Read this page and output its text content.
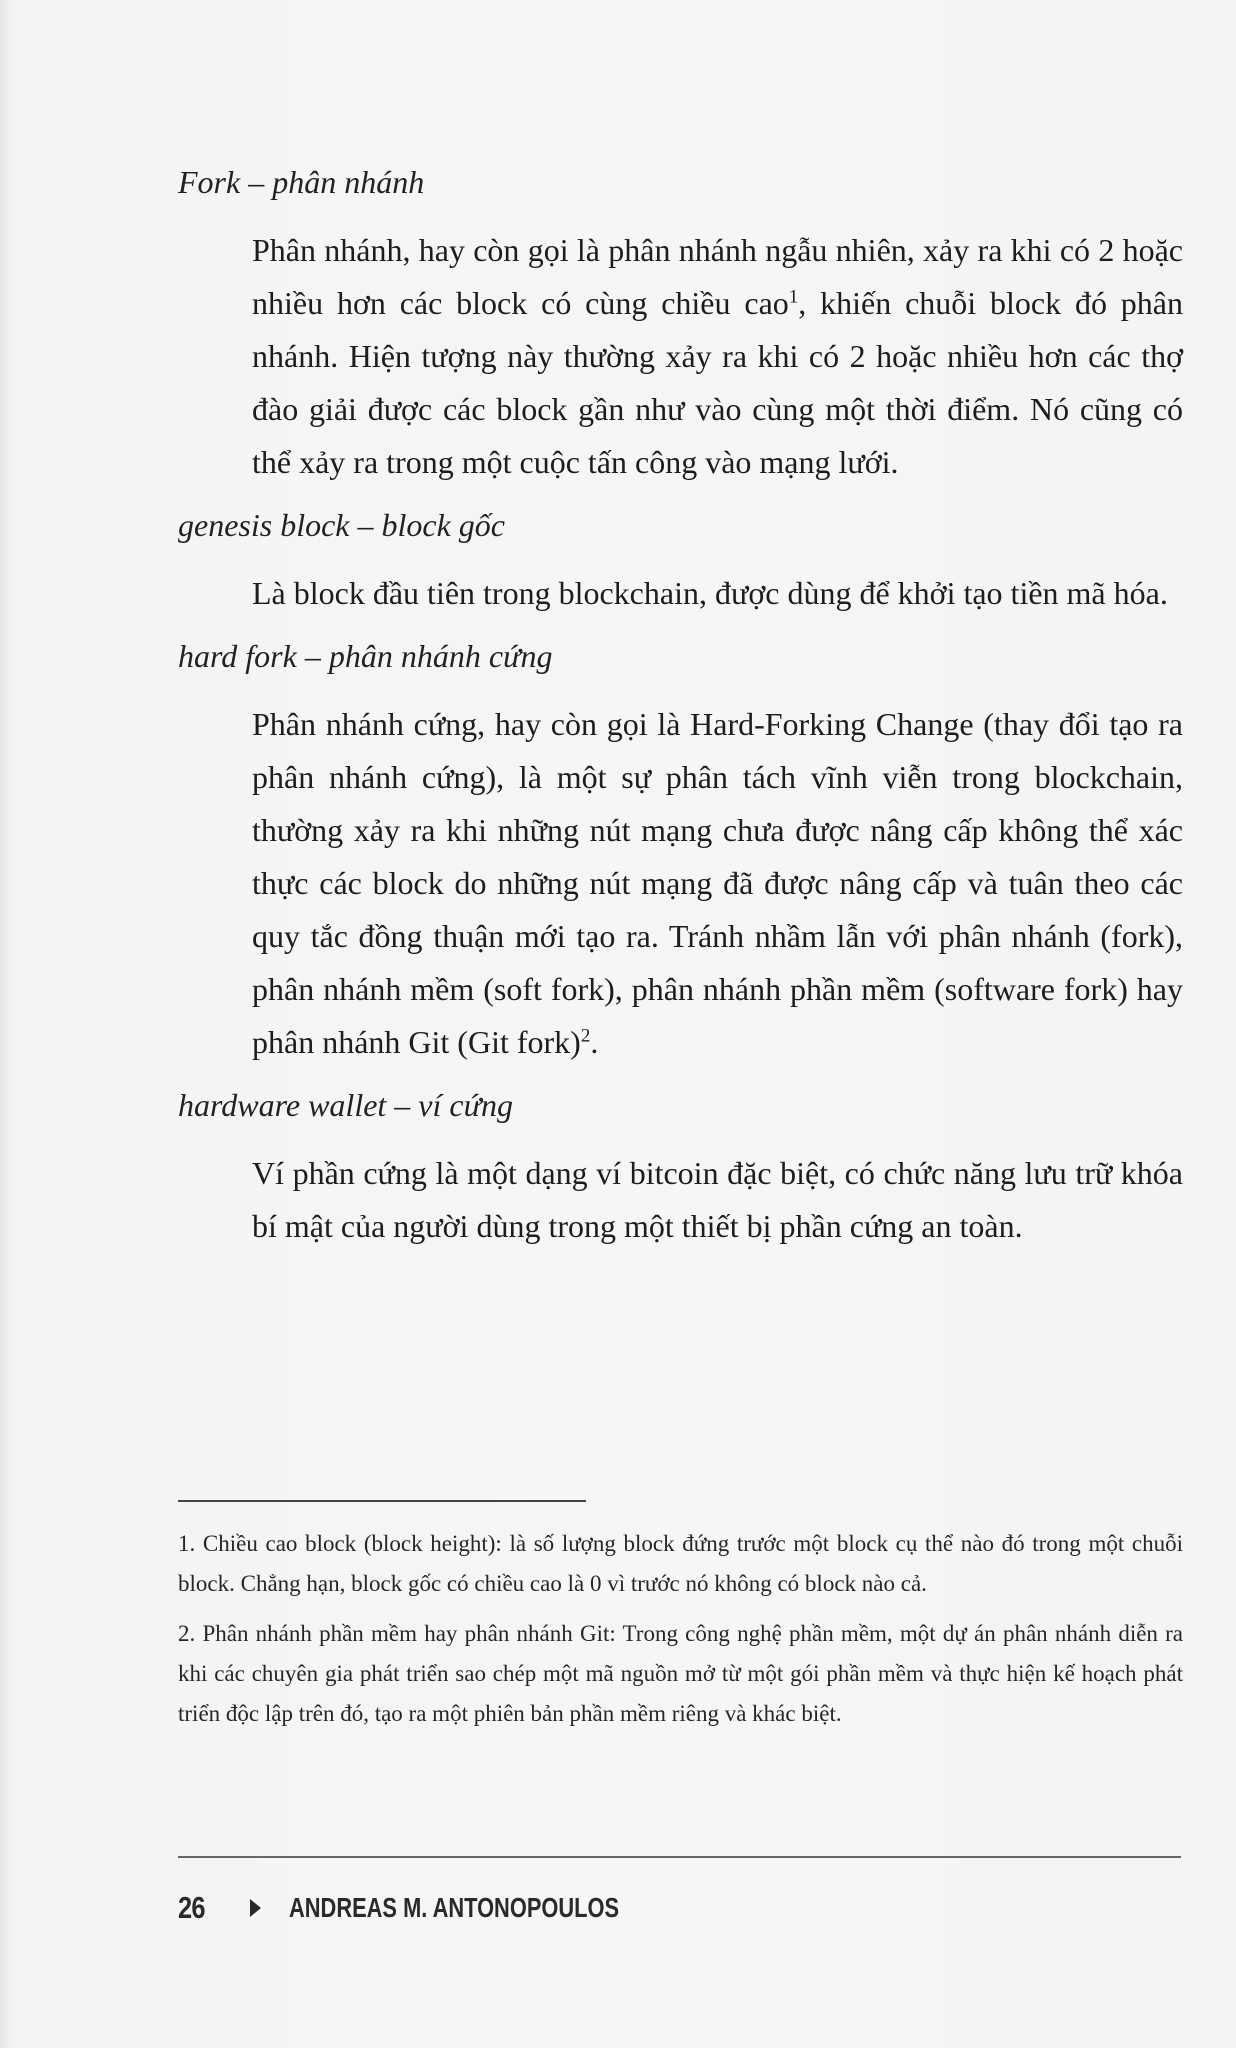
Fork – phân nhánh

Phân nhánh, hay còn gọi là phân nhánh ngẫu nhiên, xảy ra khi có 2 hoặc nhiều hơn các block có cùng chiều cao$^1$, khiến chuỗi block đó phân nhánh. Hiện tượng này thường xảy ra khi có 2 hoặc nhiều hơn các thợ đào giải được các block gần như vào cùng một thời điểm. Nó cũng có thể xảy ra trong một cuộc tấn công vào mạng lưới.

genesis block – block gốc

Là block đầu tiên trong blockchain, được dùng để khởi tạo tiền mã hóa.

hard fork – phân nhánh cứng

Phân nhánh cứng, hay còn gọi là Hard-Forking Change (thay đổi tạo ra phân nhánh cứng), là một sự phân tách vĩnh viễn trong blockchain, thường xảy ra khi những nút mạng chưa được nâng cấp không thể xác thực các block do những nút mạng đã được nâng cấp và tuân theo các quy tắc đồng thuận mới tạo ra. Tránh nhầm lẫn với phân nhánh (fork), phân nhánh mềm (soft fork), phân nhánh phần mềm (software fork) hay phân nhánh Git (Git fork)$^2$.

hardware wallet – ví cứng

Ví phần cứng là một dạng ví bitcoin đặc biệt, có chức năng lưu trữ khóa bí mật của người dùng trong một thiết bị phần cứng an toàn.

1. Chiều cao block (block height): là số lượng block đứng trước một block cụ thể nào đó trong một chuỗi block. Chẳng hạn, block gốc có chiều cao là 0 vì trước nó không có block nào cả.

2. Phân nhánh phần mềm hay phân nhánh Git: Trong công nghệ phần mềm, một dự án phân nhánh diễn ra khi các chuyên gia phát triển sao chép một mã nguồn mở từ một gói phần mềm và thực hiện kế hoạch phát triển độc lập trên đó, tạo ra một phiên bản phần mềm riêng và khác biệt.

26	ANDREAS M. ANTONOPOULOS
